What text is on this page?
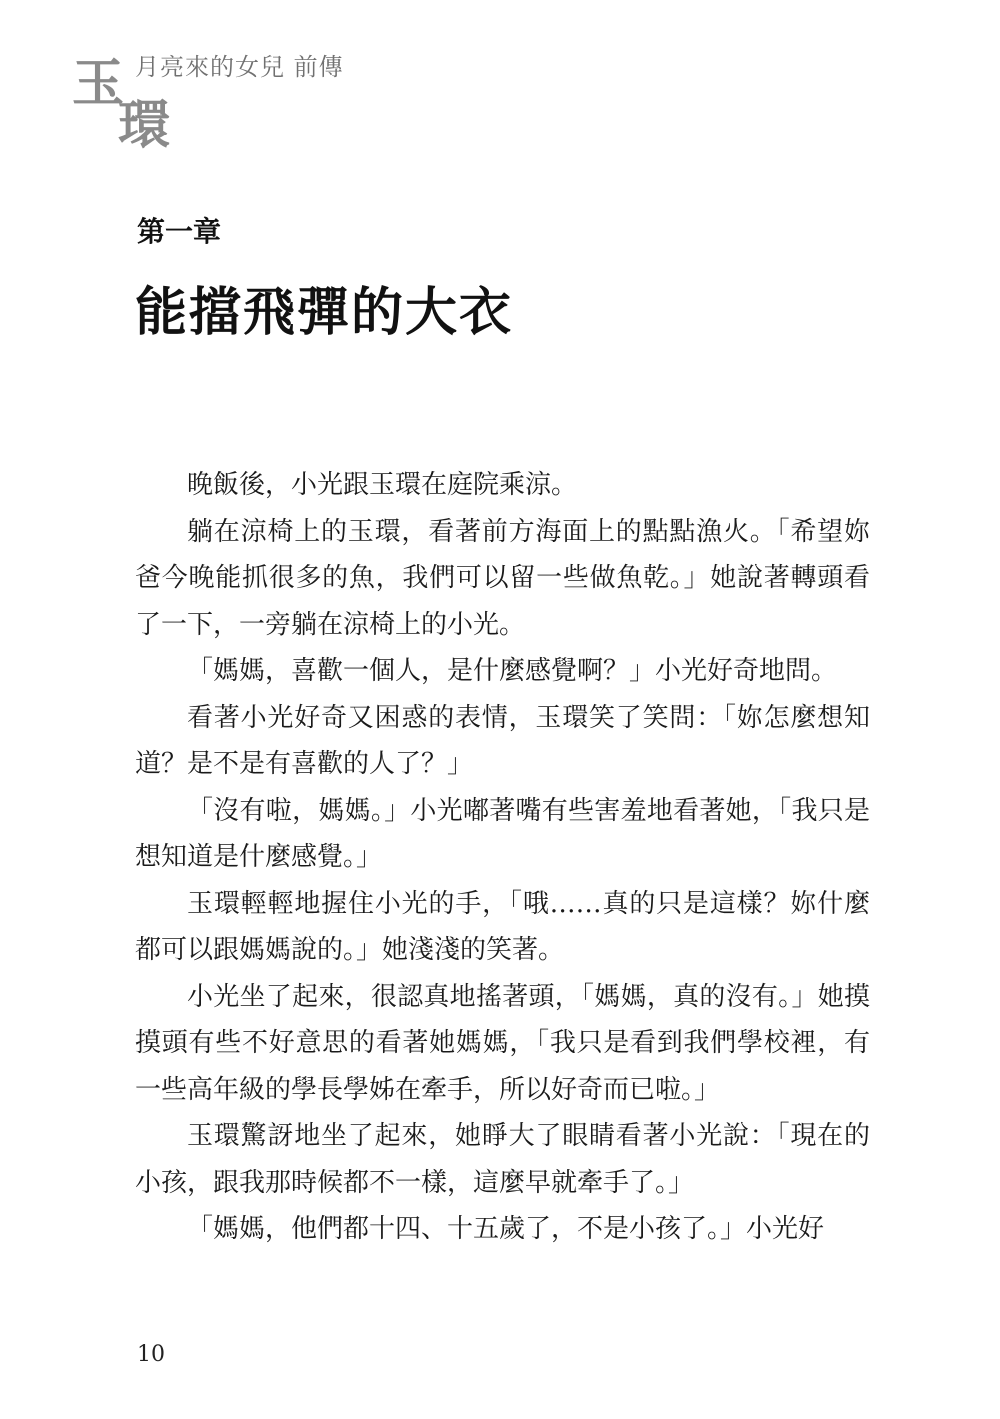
玉
環
月亮來的女兒 前傳
第一章
能擋飛彈的大衣

晚飯後，小光跟玉環在庭院乘涼。

躺在涼椅上的玉環，看著前方海面上的點點漁火。「希望妳爸今晚能抓很多的魚，我們可以留一些做魚乾。」她說著轉頭看了一下，一旁躺在涼椅上的小光。

「媽媽，喜歡一個人，是什麼感覺啊？」小光好奇地問。

看著小光好奇又困惑的表情，玉環笑了笑問：「妳怎麼想知道？是不是有喜歡的人了？」

「沒有啦，媽媽。」小光嘟著嘴有些害羞地看著她，「我只是想知道是什麼感覺。」

玉環輕輕地握住小光的手，「哦……真的只是這樣？妳什麼都可以跟媽媽說的。」她淺淺的笑著。

小光坐了起來，很認真地搖著頭，「媽媽，真的沒有。」她摸摸頭有些不好意思的看著她媽媽，「我只是看到我們學校裡，有一些高年級的學長學姊在牽手，所以好奇而已啦。」

玉環驚訝地坐了起來，她睜大了眼睛看著小光說：「現在的小孩，跟我那時候都不一樣，這麼早就牽手了。」

「媽媽，他們都十四、十五歲了，不是小孩了。」小光好

10
